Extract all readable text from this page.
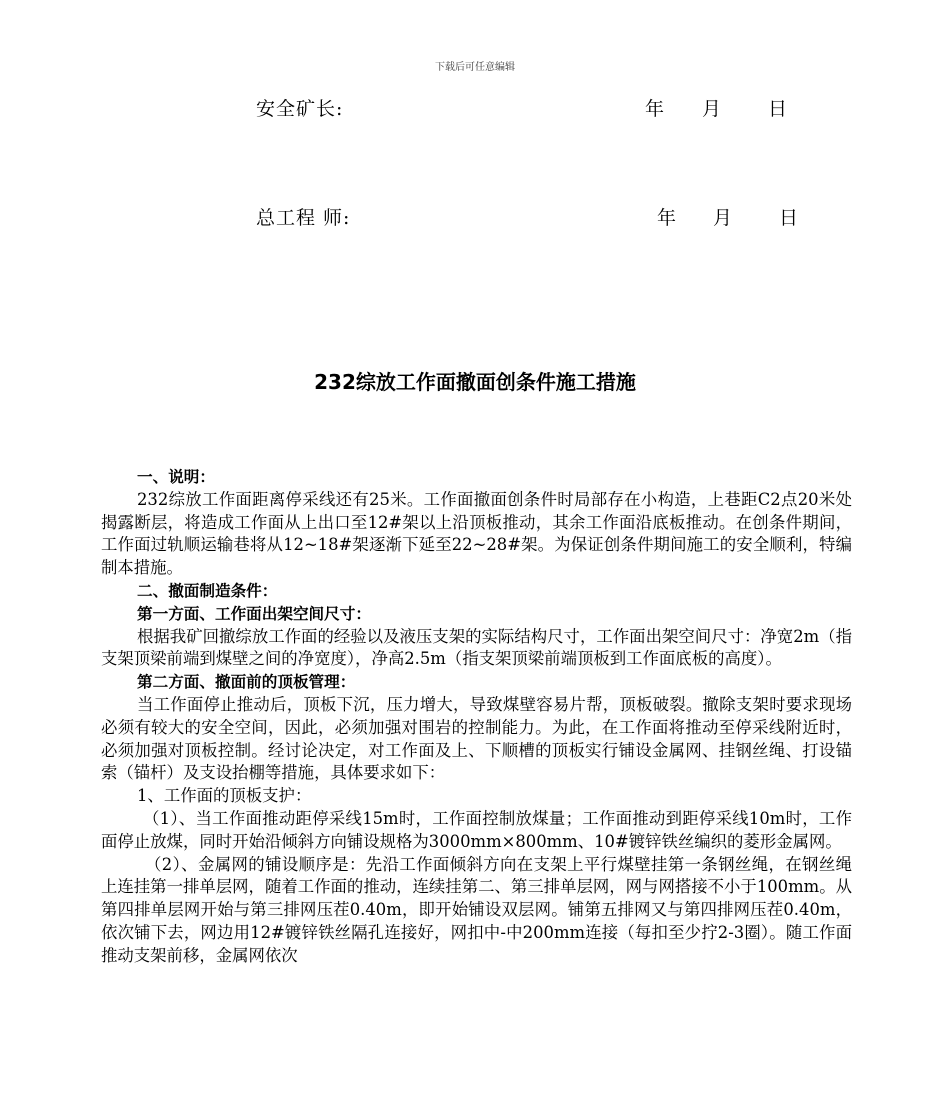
下载后可任意编辑
安全矿长:	年 月 日
总工程 师:	年 月 日
232综放工作面撤面创条件施工措施

一、说明：

232综放工作面距离停采线还有25米。工作面撤面创条件时局部存在小构造，上巷距C2点20米处揭露断层，将造成工作面从上出口至12#架以上沿顶板推动，其余工作面沿底板推动。在创条件期间，工作面过轨顺运输巷将从12~18#架逐渐下延至22~28#架。为保证创条件期间施工的安全顺利，特编制本措施。

二、撤面制造条件：

第一方面、工作面出架空间尺寸：

根据我矿回撤综放工作面的经验以及液压支架的实际结构尺寸，工作面出架空间尺寸：净宽2m（指支架顶梁前端到煤壁之间的净宽度），净高2.5m（指支架顶梁前端顶板到工作面底板的高度）。

第二方面、撤面前的顶板管理：

当工作面停止推动后，顶板下沉，压力增大，导致煤壁容易片帮，顶板破裂。撤除支架时要求现场必须有较大的安全空间，因此，必须加强对围岩的控制能力。为此，在工作面将推动至停采线附近时，必须加强对顶板控制。经讨论决定，对工作面及上、下顺槽的顶板实行铺设金属网、挂钢丝绳、打设锚索（锚杆）及支设抬棚等措施，具体要求如下：

1、工作面的顶板支护：

（1）、当工作面推动距停采线15m时，工作面控制放煤量；工作面推动到距停采线10m时，工作面停止放煤，同时开始沿倾斜方向铺设规格为3000mm×800mm、10#镀锌铁丝编织的菱形金属网。

（2）、金属网的铺设顺序是：先沿工作面倾斜方向在支架上平行煤壁挂第一条钢丝绳，在钢丝绳上连挂第一排单层网，随着工作面的推动，连续挂第二、第三排单层网，网与网搭接不小于100mm。从第四排单层网开始与第三排网压茬0.40m，即开始铺设双层网。铺第五排网又与第四排网压茬0.40m，依次铺下去，网边用12#镀锌铁丝隔孔连接好，网扣中-中200mm连接（每扣至少拧2-3圈）。随工作面推动支架前移，金属网依次
